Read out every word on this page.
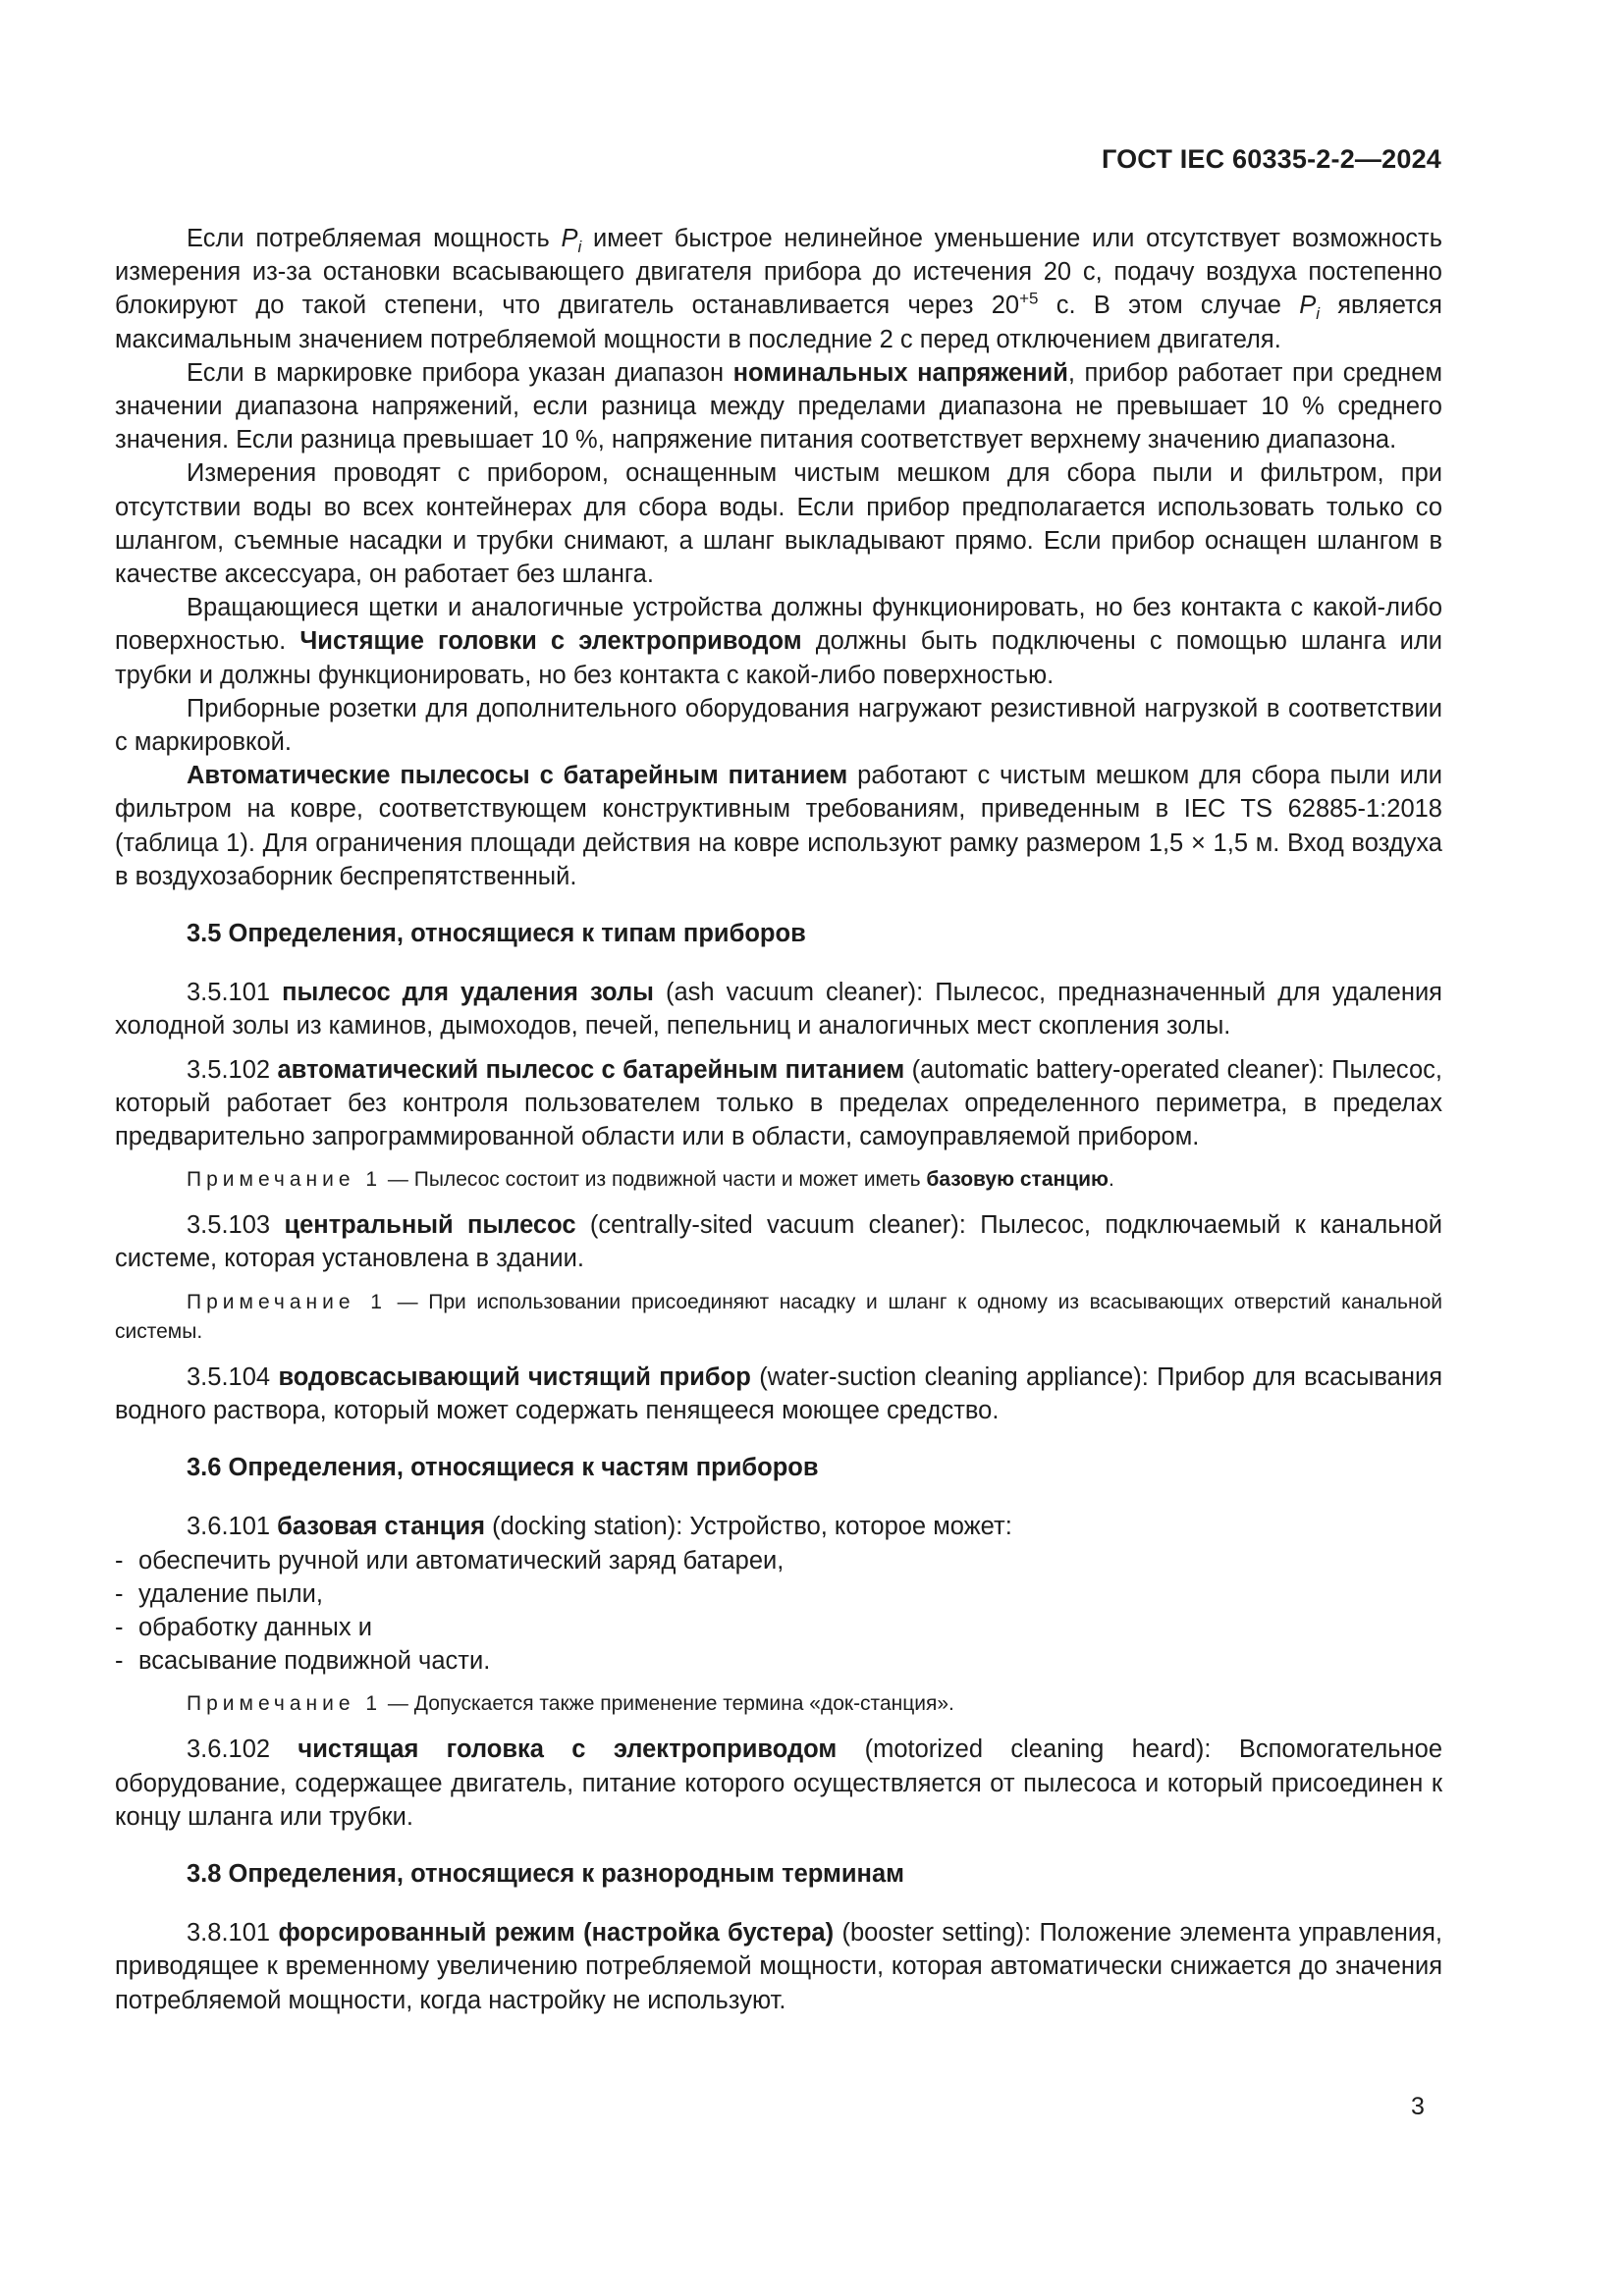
ГОСТ IEC 60335-2-2—2024

Если потребляемая мощность $P_i$ имеет быстрое нелинейное уменьшение или отсутствует возможность измерения из-за остановки всасывающего двигателя прибора до истечения 20 с, подачу воздуха постепенно блокируют до такой степени, что двигатель останавливается через $20^{+5}$ с. В этом случае $P_i$ является максимальным значением потребляемой мощности в последние 2 с перед отключением двигателя.

Если в маркировке прибора указан диапазон номинальных напряжений, прибор работает при среднем значении диапазона напряжений, если разница между пределами диапазона не превышает 10 % среднего значения. Если разница превышает 10 %, напряжение питания соответствует верхнему значению диапазона.

Измерения проводят с прибором, оснащенным чистым мешком для сбора пыли и фильтром, при отсутствии воды во всех контейнерах для сбора воды. Если прибор предполагается использовать только со шлангом, съемные насадки и трубки снимают, а шланг выкладывают прямо. Если прибор оснащен шлангом в качестве аксессуара, он работает без шланга.

Вращающиеся щетки и аналогичные устройства должны функционировать, но без контакта с какой-либо поверхностью. Чистящие головки с электроприводом должны быть подключены с помощью шланга или трубки и должны функционировать, но без контакта с какой-либо поверхностью.

Приборные розетки для дополнительного оборудования нагружают резистивной нагрузкой в соответствии с маркировкой.

Автоматические пылесосы с батарейным питанием работают с чистым мешком для сбора пыли или фильтром на ковре, соответствующем конструктивным требованиям, приведенным в IEC TS 62885-1:2018 (таблица 1). Для ограничения площади действия на ковре используют рамку размером 1,5 × 1,5 м. Вход воздуха в воздухозаборник беспрепятственный.

3.5 Определения, относящиеся к типам приборов

3.5.101 пылесос для удаления золы (ash vacuum cleaner): Пылесос, предназначенный для удаления холодной золы из каминов, дымоходов, печей, пепельниц и аналогичных мест скопления золы.

3.5.102 автоматический пылесос с батарейным питанием (automatic battery-operated cleaner): Пылесос, который работает без контроля пользователем только в пределах определенного периметра, в пределах предварительно запрограммированной области или в области, самоуправляемой прибором.

Примечание 1 — Пылесос состоит из подвижной части и может иметь базовую станцию.

3.5.103 центральный пылесос (centrally-sited vacuum cleaner): Пылесос, подключаемый к канальной системе, которая установлена в здании.

Примечание 1 — При использовании присоединяют насадку и шланг к одному из всасывающих отверстий канальной системы.

3.5.104 водовсасывающий чистящий прибор (water-suction cleaning appliance): Прибор для всасывания водного раствора, который может содержать пенящееся моющее средство.

3.6 Определения, относящиеся к частям приборов

3.6.101 базовая станция (docking station): Устройство, которое может:

- обеспечить ручной или автоматический заряд батареи,

- удаление пыли,

- обработку данных и

- всасывание подвижной части.

Примечание 1 — Допускается также применение термина «док-станция».

3.6.102 чистящая головка с электроприводом (motorized cleaning heard): Вспомогательное оборудование, содержащее двигатель, питание которого осуществляется от пылесоса и который присоединен к концу шланга или трубки.

3.8 Определения, относящиеся к разнородным терминам

3.8.101 форсированный режим (настройка бустера) (booster setting): Положение элемента управления, приводящее к временному увеличению потребляемой мощности, которая автоматически снижается до значения потребляемой мощности, когда настройку не используют.

3
